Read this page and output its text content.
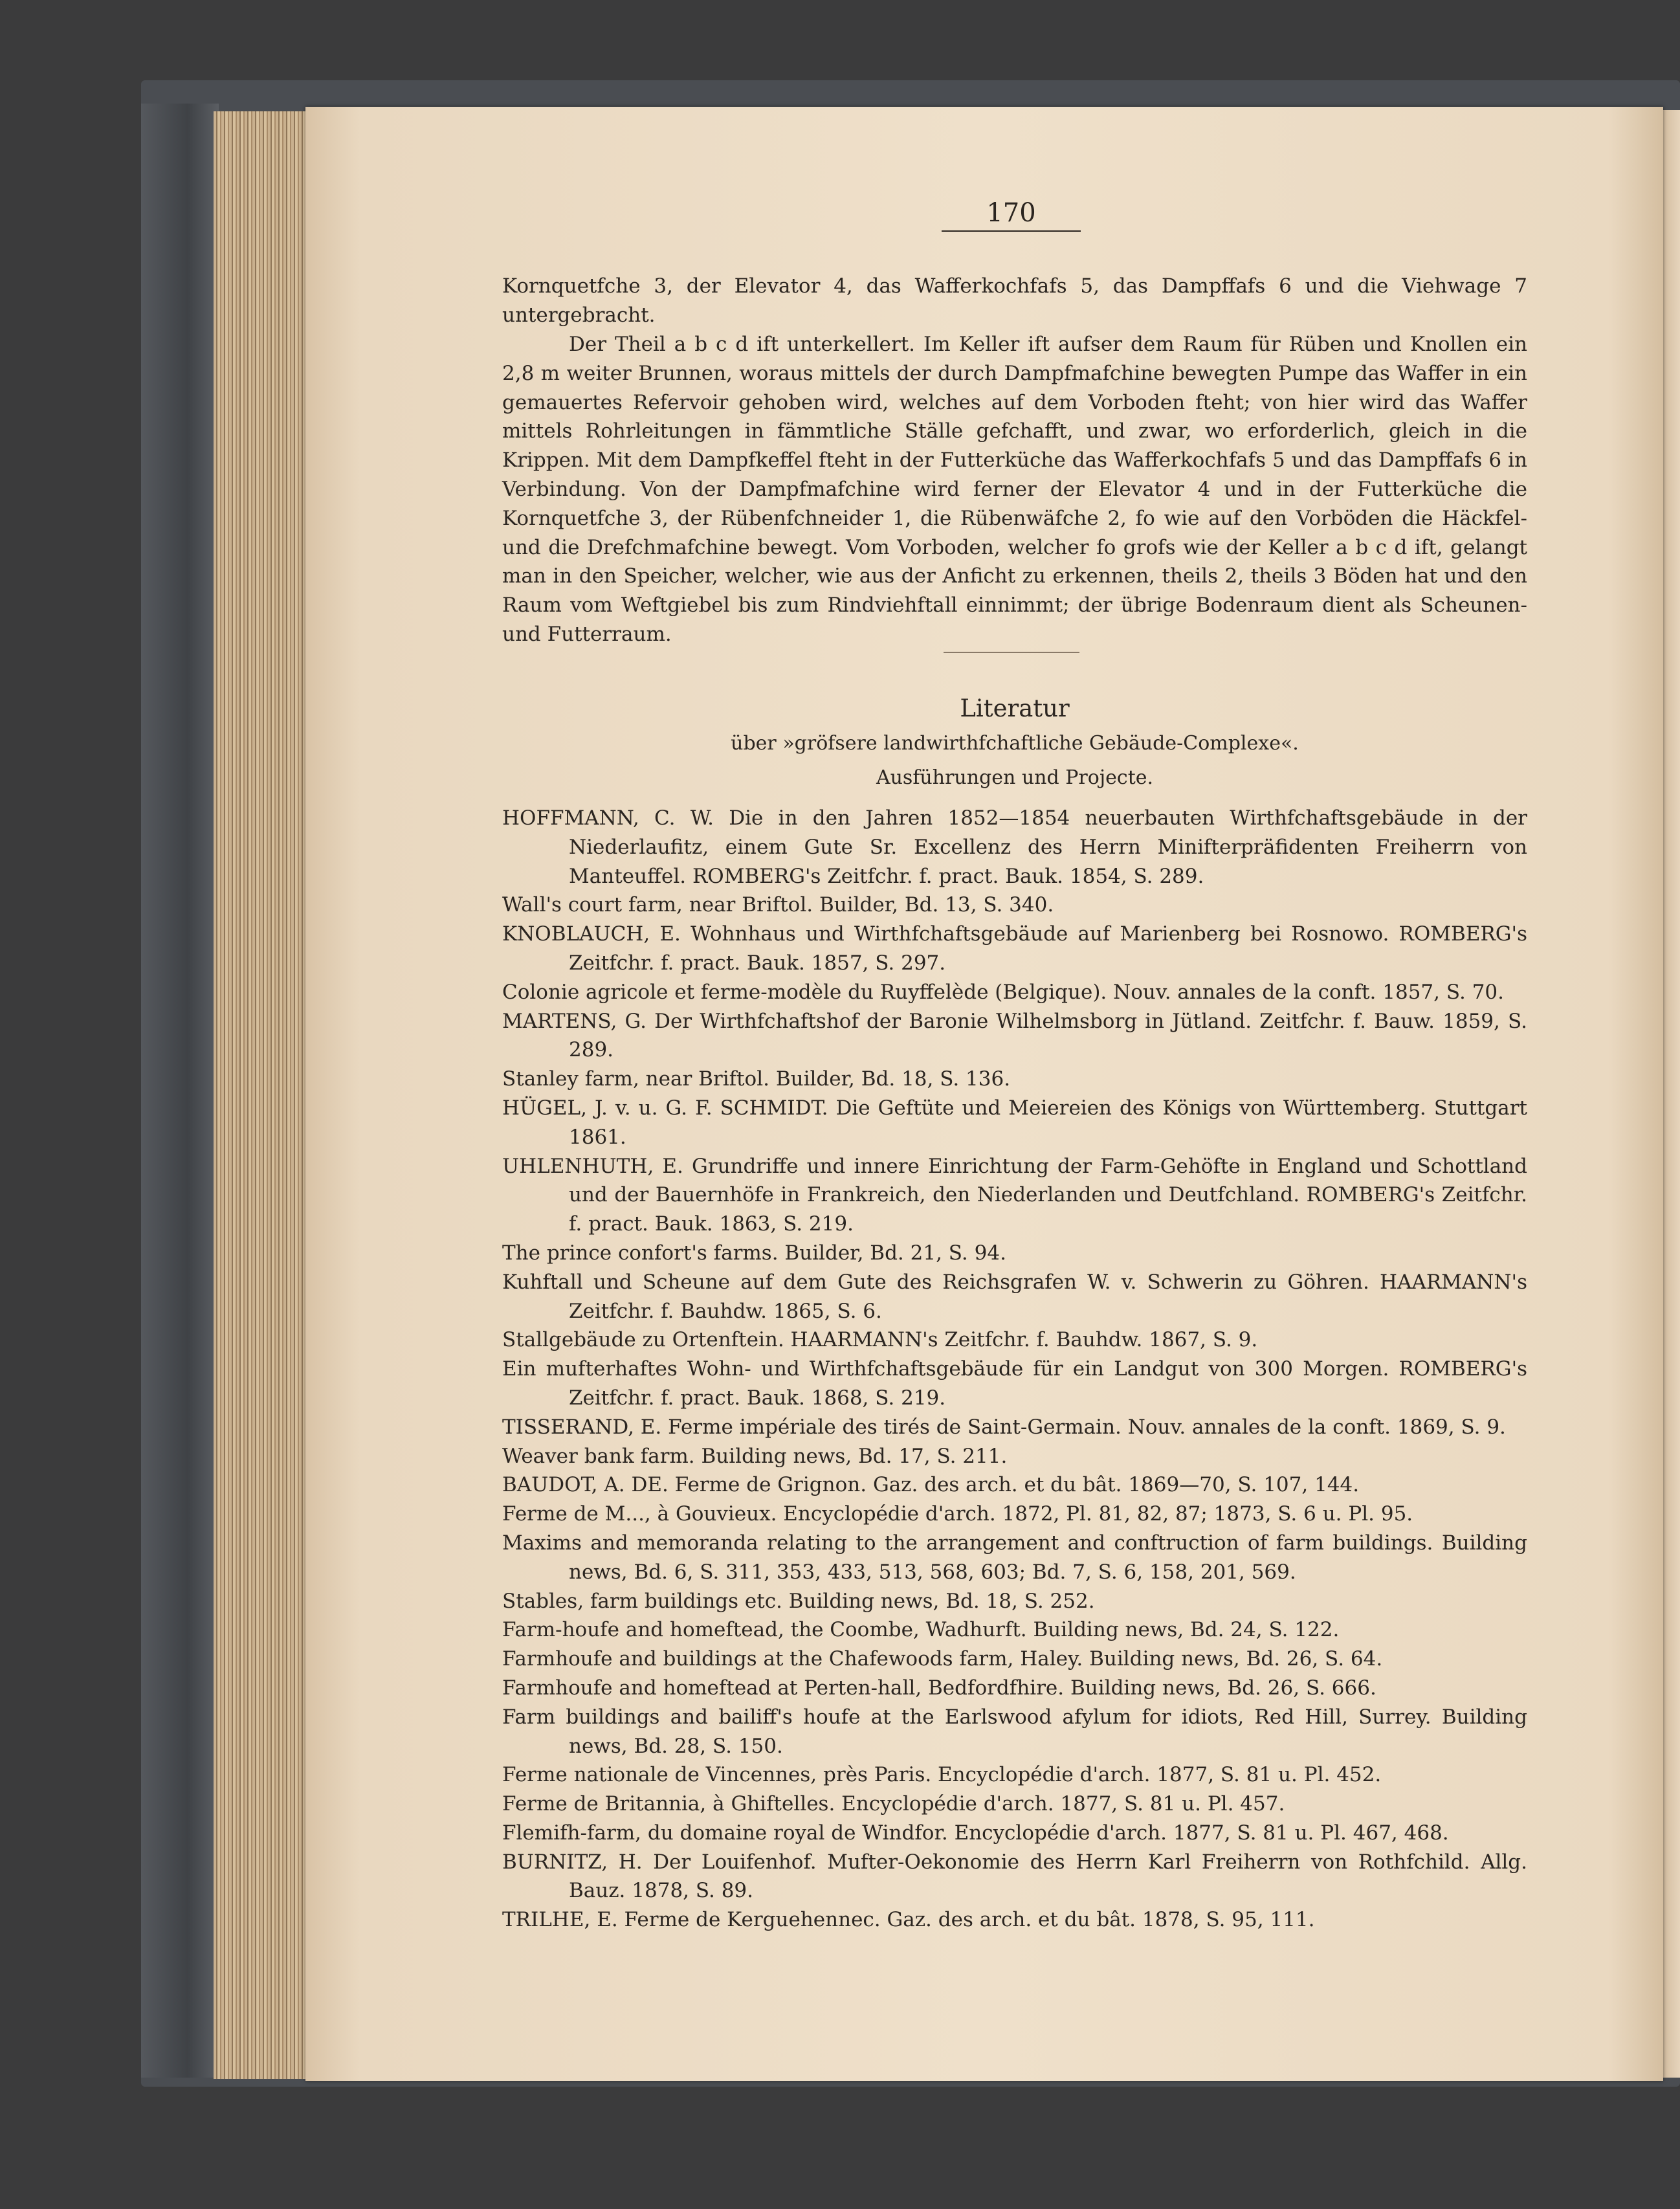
170

Kornquetfche 3, der Elevator 4, das Wafferkochfafs 5, das Dampffafs 6 und die Viehwage 7 untergebracht.

Der Theil a b c d ift unterkellert. Im Keller ift aufser dem Raum für Rüben und Knollen ein 2,8 m weiter Brunnen, woraus mittels der durch Dampfmafchine bewegten Pumpe das Waffer in ein gemauertes Refervoir gehoben wird, welches auf dem Vorboden fteht; von hier wird das Waffer mittels Rohrleitungen in fämmtliche Ställe gefchafft, und zwar, wo erforderlich, gleich in die Krippen. Mit dem Dampfkeffel fteht in der Futterküche das Wafferkochfafs 5 und das Dampffafs 6 in Verbindung. Von der Dampfmafchine wird ferner der Elevator 4 und in der Futterküche die Kornquetfche 3, der Rübenfchneider 1, die Rübenwäfche 2, fo wie auf den Vorböden die Häckfel- und die Drefchmafchine bewegt. Vom Vorboden, welcher fo grofs wie der Keller a b c d ift, gelangt man in den Speicher, welcher, wie aus der Anficht zu erkennen, theils 2, theils 3 Böden hat und den Raum vom Weftgiebel bis zum Rindviehftall einnimmt; der übrige Bodenraum dient als Scheunen- und Futterraum.

Literatur
über »gröfsere landwirthfchaftliche Gebäude-Complexe«.
Ausführungen und Projecte.
HOFFMANN, C. W. Die in den Jahren 1852—1854 neuerbauten Wirthfchaftsgebäude in der Niederlaufitz, einem Gute Sr. Excellenz des Herrn Minifterpräfidenten Freiherrn von Manteuffel. ROMBERG's Zeitfchr. f. pract. Bauk. 1854, S. 289.
Wall's court farm, near Briftol. Builder, Bd. 13, S. 340.
KNOBLAUCH, E. Wohnhaus und Wirthfchaftsgebäude auf Marienberg bei Rosnowo. ROMBERG's Zeitfchr. f. pract. Bauk. 1857, S. 297.
Colonie agricole et ferme-modèle du Ruyffelède (Belgique). Nouv. annales de la conft. 1857, S. 70.
MARTENS, G. Der Wirthfchaftshof der Baronie Wilhelmsborg in Jütland. Zeitfchr. f. Bauw. 1859, S. 289.
Stanley farm, near Briftol. Builder, Bd. 18, S. 136.
HÜGEL, J. v. u. G. F. SCHMIDT. Die Geftüte und Meiereien des Königs von Württemberg. Stuttgart 1861.
UHLENHUTH, E. Grundriffe und innere Einrichtung der Farm-Gehöfte in England und Schottland und der Bauernhöfe in Frankreich, den Niederlanden und Deutfchland. ROMBERG's Zeitfchr. f. pract. Bauk. 1863, S. 219.
The prince confort's farms. Builder, Bd. 21, S. 94.
Kuhftall und Scheune auf dem Gute des Reichsgrafen W. v. Schwerin zu Göhren. HAARMANN's Zeitfchr. f. Bauhdw. 1865, S. 6.
Stallgebäude zu Ortenftein. HAARMANN's Zeitfchr. f. Bauhdw. 1867, S. 9.
Ein mufterhaftes Wohn- und Wirthfchaftsgebäude für ein Landgut von 300 Morgen. ROMBERG's Zeitfchr. f. pract. Bauk. 1868, S. 219.
TISSERAND, E. Ferme impériale des tirés de Saint-Germain. Nouv. annales de la conft. 1869, S. 9.
Weaver bank farm. Building news, Bd. 17, S. 211.
BAUDOT, A. DE. Ferme de Grignon. Gaz. des arch. et du bât. 1869—70, S. 107, 144.
Ferme de M..., à Gouvieux. Encyclopédie d'arch. 1872, Pl. 81, 82, 87; 1873, S. 6 u. Pl. 95.
Maxims and memoranda relating to the arrangement and conftruction of farm buildings. Building news, Bd. 6, S. 311, 353, 433, 513, 568, 603; Bd. 7, S. 6, 158, 201, 569.
Stables, farm buildings etc. Building news, Bd. 18, S. 252.
Farm-houfe and homeftead, the Coombe, Wadhurft. Building news, Bd. 24, S. 122.
Farmhoufe and buildings at the Chafewoods farm, Haley. Building news, Bd. 26, S. 64.
Farmhoufe and homeftead at Perten-hall, Bedfordfhire. Building news, Bd. 26, S. 666.
Farm buildings and bailiff's houfe at the Earlswood afylum for idiots, Red Hill, Surrey. Building news, Bd. 28, S. 150.
Ferme nationale de Vincennes, près Paris. Encyclopédie d'arch. 1877, S. 81 u. Pl. 452.
Ferme de Britannia, à Ghiftelles. Encyclopédie d'arch. 1877, S. 81 u. Pl. 457.
Flemifh-farm, du domaine royal de Windfor. Encyclopédie d'arch. 1877, S. 81 u. Pl. 467, 468.
BURNITZ, H. Der Louifenhof. Mufter-Oekonomie des Herrn Karl Freiherrn von Rothfchild. Allg. Bauz. 1878, S. 89.
TRILHE, E. Ferme de Kerguehennec. Gaz. des arch. et du bât. 1878, S. 95, 111.
